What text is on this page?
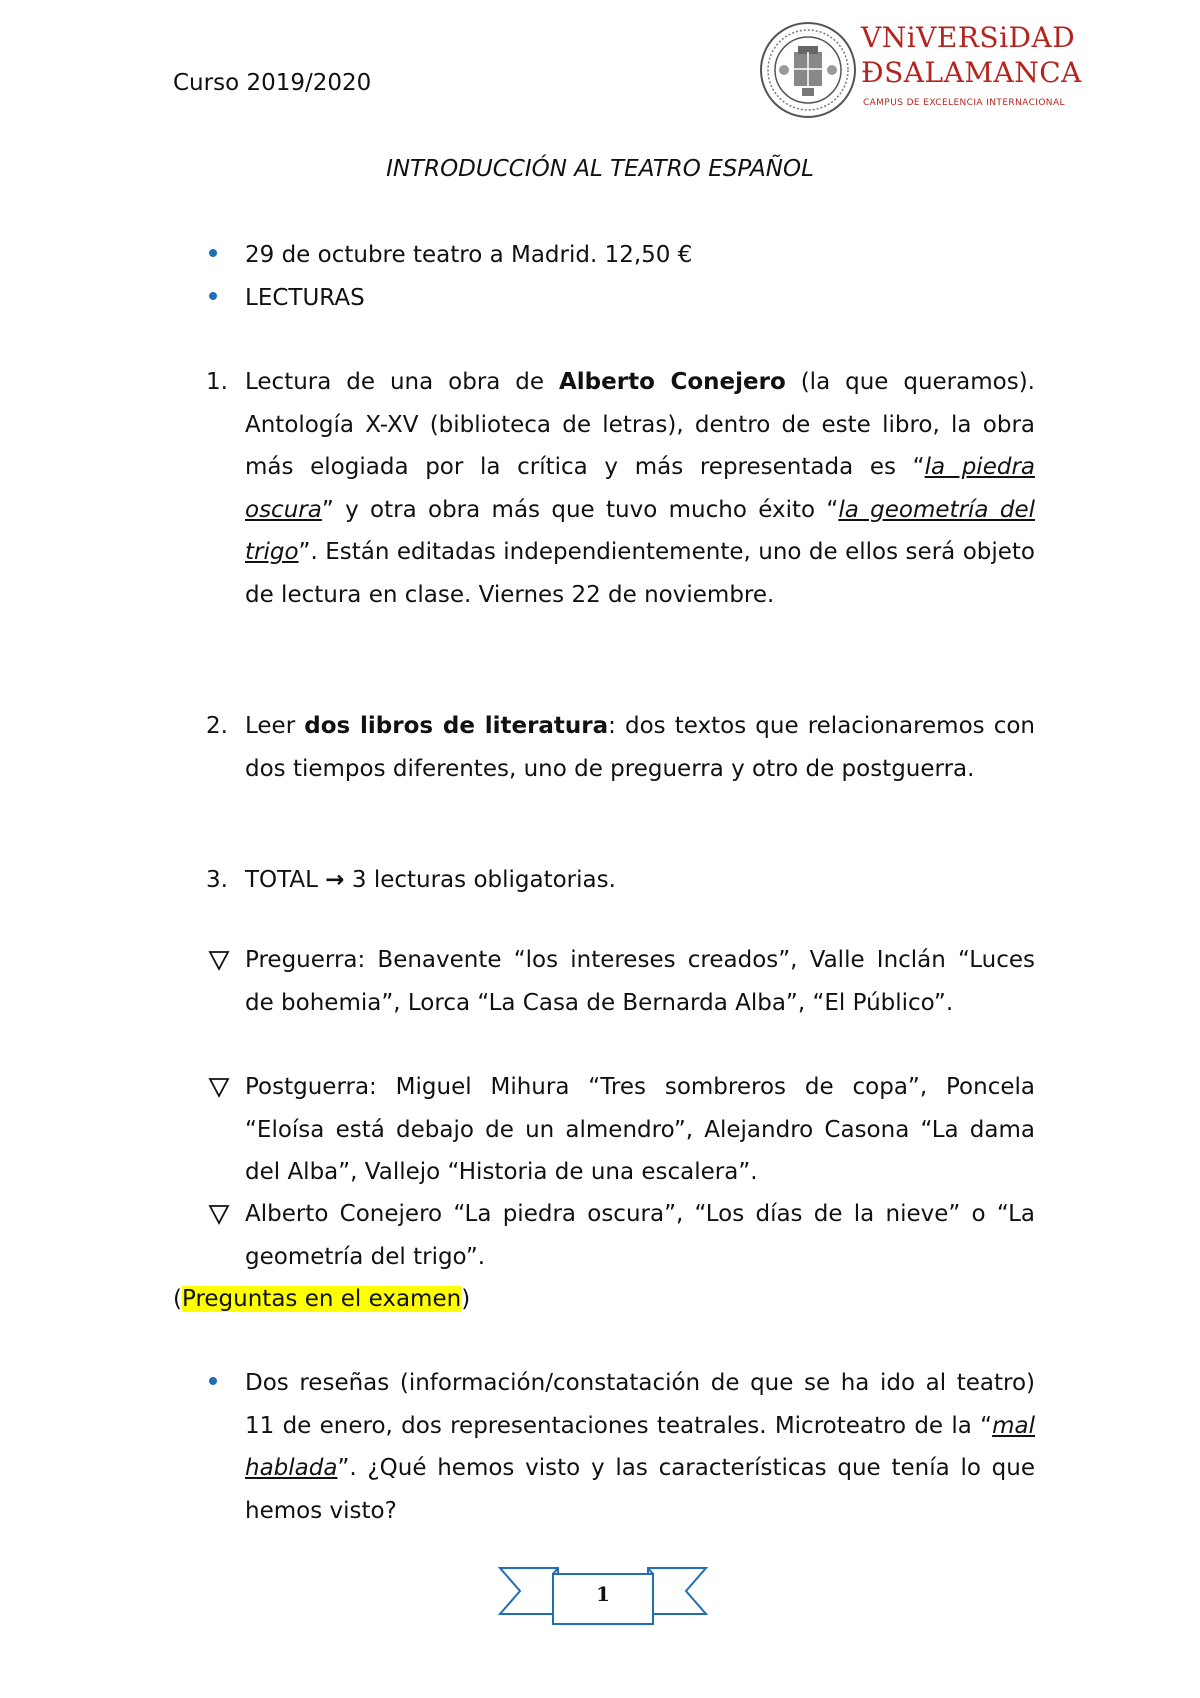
Curso 2019/2020
VNiVERSiDAD
ÐSALAMANCA
CAMPUS DE EXCELENCIA INTERNACIONAL
INTRODUCCIÓN AL TEATRO ESPAÑOL
29 de octubre teatro a Madrid. 12,50 €
LECTURAS
1. Lectura de una obra de Alberto Conejero (la que queramos). Antología X-XV (biblioteca de letras), dentro de este libro, la obra más elogiada por la crítica y más representada es “la piedra oscura” y otra obra más que tuvo mucho éxito “la geometría del trigo”. Están editadas independientemente, uno de ellos será objeto de lectura en clase. Viernes 22 de noviembre.
2. Leer dos libros de literatura: dos textos que relacionaremos con dos tiempos diferentes, uno de preguerra y otro de postguerra.
3. TOTAL → 3 lecturas obligatorias.
Preguerra: Benavente “los intereses creados”, Valle Inclán “Luces de bohemia”, Lorca “La Casa de Bernarda Alba”, “El Público”.
Postguerra: Miguel Mihura “Tres sombreros de copa”, Poncela “Eloísa está debajo de un almendro”, Alejandro Casona “La dama del Alba”, Vallejo “Historia de una escalera”.
Alberto Conejero “La piedra oscura”, “Los días de la nieve” o “La geometría del trigo”.
(Preguntas en el examen)
Dos reseñas (información/constatación de que se ha ido al teatro) 11 de enero, dos representaciones teatrales. Microteatro de la “mal hablada”. ¿Qué hemos visto y las características que tenía lo que hemos visto?
1
